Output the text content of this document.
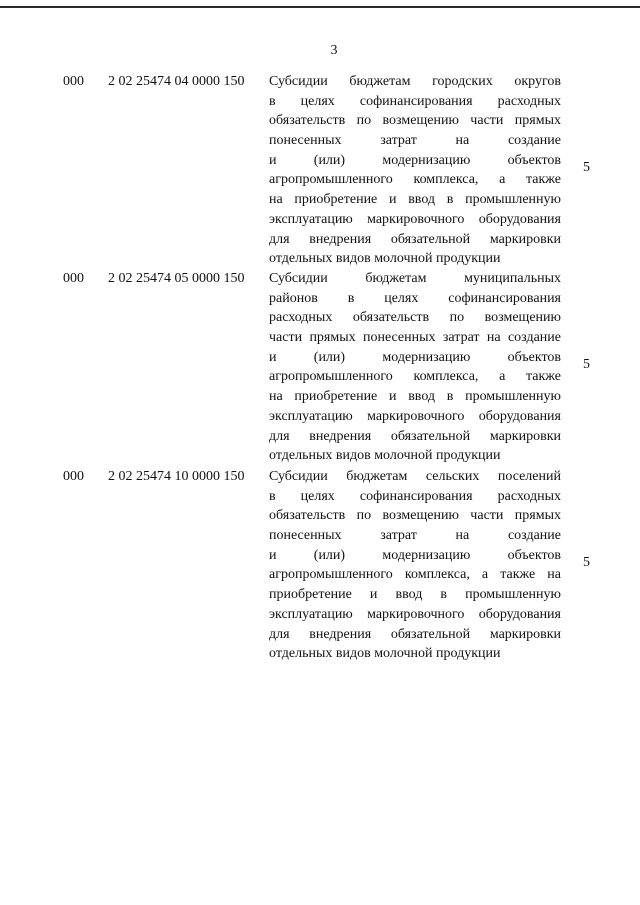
3
000 2 02 25474 04 0000 150 Субсидии бюджетам городских округов
в целях софинансирования расходных
обязательств по возмещению части прямых
понесенных затрат на создание
и (или) модернизацию объектов
агропромышленного комплекса, а также
на приобретение и ввод в промышленную
эксплуатацию маркировочного оборудования
для внедрения обязательной маркировки
отдельных видов молочной продукции
5
000 2 02 25474 05 0000 150 Субсидии бюджетам муниципальных
районов в целях софинансирования
расходных обязательств по возмещению
части прямых понесенных затрат на создание
и (или) модернизацию объектов
агропромышленного комплекса, а также
на приобретение и ввод в промышленную
эксплуатацию маркировочного оборудования
для внедрения обязательной маркировки
отдельных видов молочной продукции
5
000 2 02 25474 10 0000 150 Субсидии бюджетам сельских поселений
в целях софинансирования расходных
обязательств по возмещению части прямых
понесенных затрат на создание
и (или) модернизацию объектов
агропромышленного комплекса, а также на
приобретение и ввод в промышленную
эксплуатацию маркировочного оборудования
для внедрения обязательной маркировки
отдельных видов молочной продукции
5
